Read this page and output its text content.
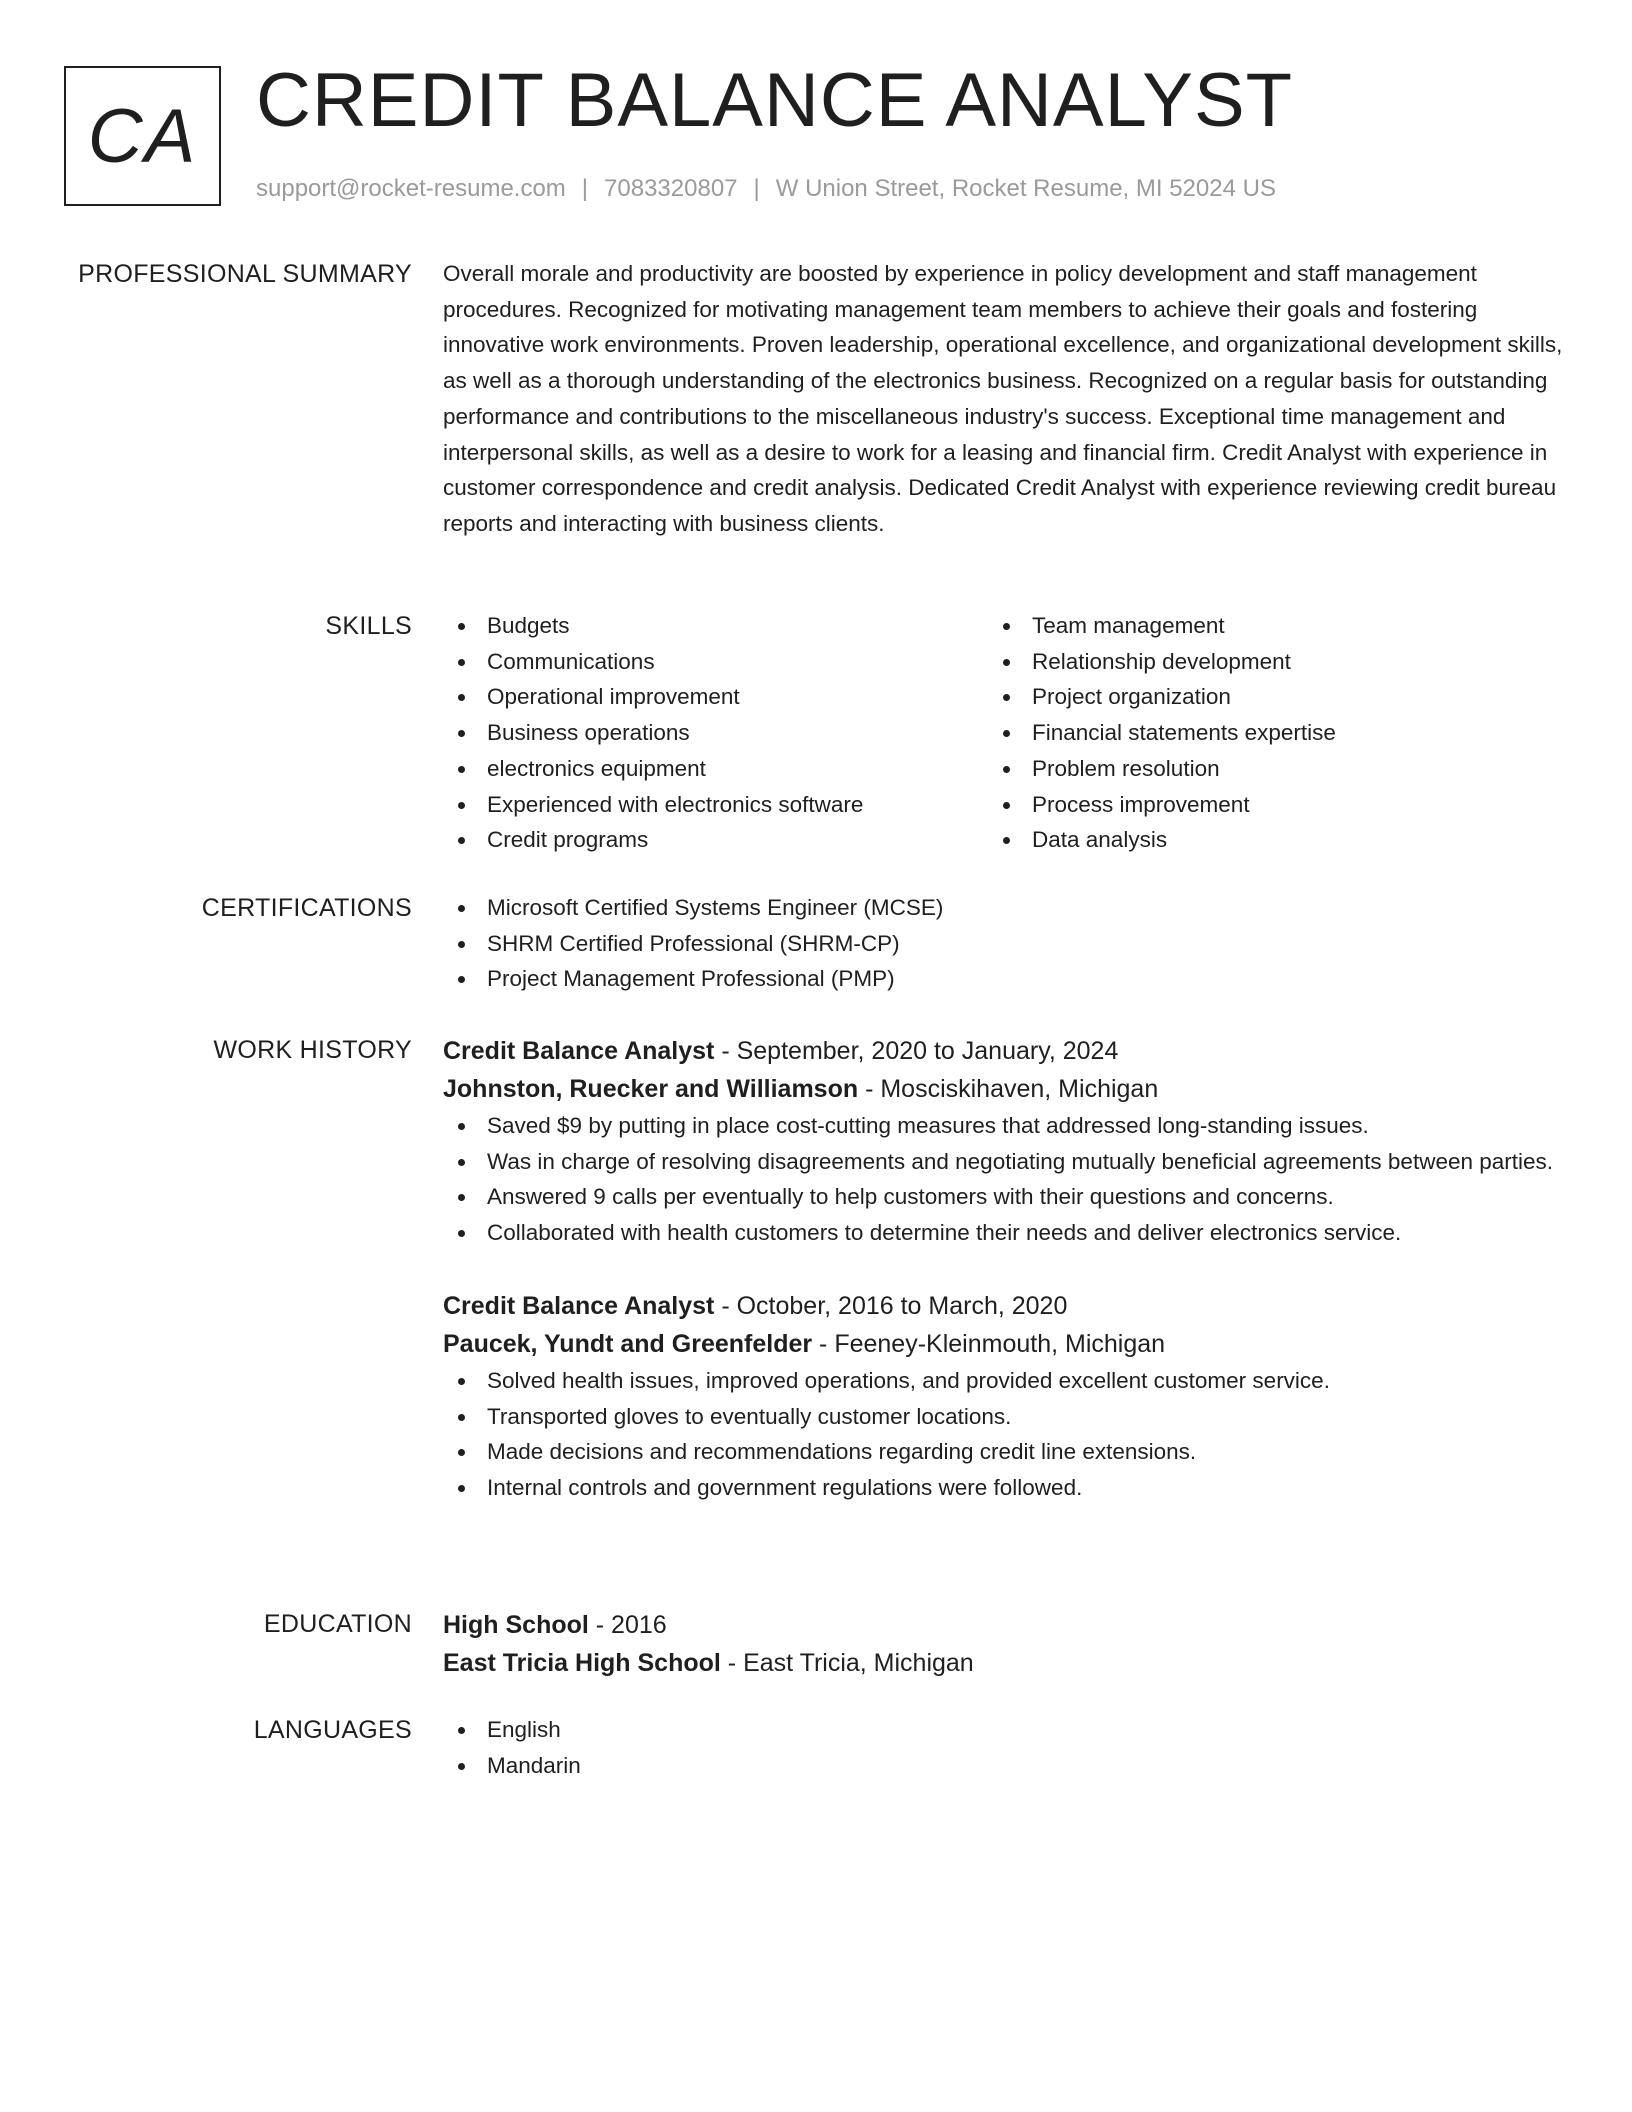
CA CREDIT BALANCE ANALYST
support@rocket-resume.com | 7083320807 | W Union Street, Rocket Resume, MI 52024 US
PROFESSIONAL SUMMARY Overall morale and productivity are boosted by experience in policy development and staff management procedures. Recognized for motivating management team members to achieve their goals and fostering innovative work environments. Proven leadership, operational excellence, and organizational development skills, as well as a thorough understanding of the electronics business. Recognized on a regular basis for outstanding performance and contributions to the miscellaneous industry's success. Exceptional time management and interpersonal skills, as well as a desire to work for a leasing and financial firm. Credit Analyst with experience in customer correspondence and credit analysis. Dedicated Credit Analyst with experience reviewing credit bureau reports and interacting with business clients.

SKILLS	Budgets
Communications
Operational improvement
Business operations
electronics equipment
Experienced with electronics software
Credit programs
Team management
Relationship development
Project organization
Financial statements expertise
Problem resolution
Process improvement
Data analysis
CERTIFICATIONS	Microsoft Certified Systems Engineer (MCSE)
SHRM Certified Professional (SHRM-CP)
Project Management Professional (PMP)
WORK HISTORY Credit Balance Analyst - September, 2020 to January, 2024
Johnston, Ruecker and Williamson - Mosciskihaven, Michigan
Saved $9 by putting in place cost-cutting measures that addressed long-standing issues.
Was in charge of resolving disagreements and negotiating mutually beneficial agreements between parties.
Answered 9 calls per eventually to help customers with their questions and concerns.
Collaborated with health customers to determine their needs and deliver electronics service.
Credit Balance Analyst - October, 2016 to March, 2020
Paucek, Yundt and Greenfelder - Feeney-Kleinmouth, Michigan
Solved health issues, improved operations, and provided excellent customer service.
Transported gloves to eventually customer locations.
Made decisions and recommendations regarding credit line extensions.
Internal controls and government regulations were followed.
EDUCATION High School - 2016
East Tricia High School - East Tricia, Michigan
LANGUAGES	English
Mandarin
